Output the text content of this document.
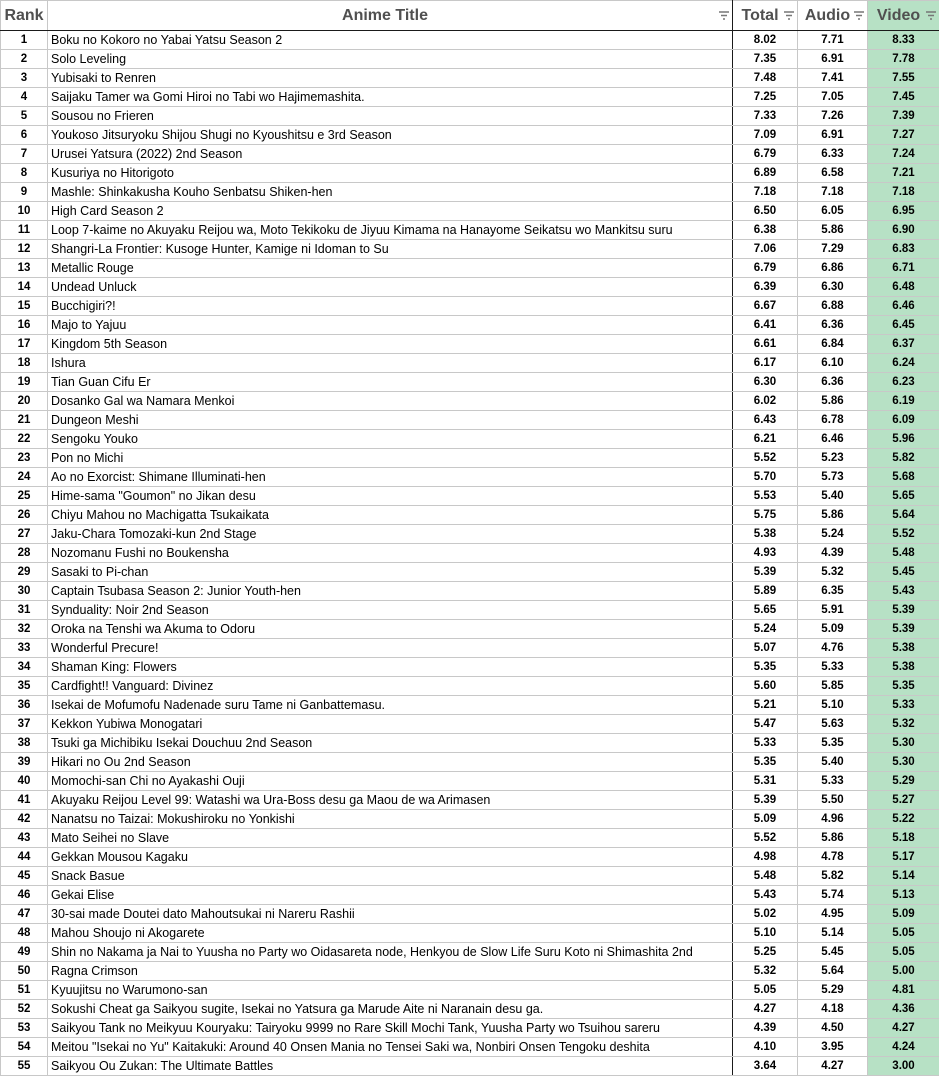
Rank	Anime Title	Total	Audio	Video

1	Boku no Kokoro no Yabai Yatsu Season 2	8.02	7.71	8.33
2	Solo Leveling	7.35	6.91	7.78
3	Yubisaki to Renren	7.48	7.41	7.55
4	Saijaku Tamer wa Gomi Hiroi no Tabi wo Hajimemashita.	7.25	7.05	7.45
5	Sousou no Frieren	7.33	7.26	7.39
6	Youkoso Jitsuryoku Shijou Shugi no Kyoushitsu e 3rd Season	7.09	6.91	7.27
7	Urusei Yatsura (2022) 2nd Season	6.79	6.33	7.24
8	Kusuriya no Hitorigoto	6.89	6.58	7.21
9	Mashle: Shinkakusha Kouho Senbatsu Shiken-hen	7.18	7.18	7.18
10	High Card Season 2	6.50	6.05	6.95
11	Loop 7-kaime no Akuyaku Reijou wa, Moto Tekikoku de Jiyuu Kimama na Hanayome Seikatsu wo Mankitsu suru	6.38	5.86	6.90
12	Shangri-La Frontier: Kusoge Hunter, Kamige ni Idoman to Su	7.06	7.29	6.83
13	Metallic Rouge	6.79	6.86	6.71
14	Undead Unluck	6.39	6.30	6.48
15	Bucchigiri?!	6.67	6.88	6.46
16	Majo to Yajuu	6.41	6.36	6.45
17	Kingdom 5th Season	6.61	6.84	6.37
18	Ishura	6.17	6.10	6.24
19	Tian Guan Cifu Er	6.30	6.36	6.23
20	Dosanko Gal wa Namara Menkoi	6.02	5.86	6.19
21	Dungeon Meshi	6.43	6.78	6.09
22	Sengoku Youko	6.21	6.46	5.96
23	Pon no Michi	5.52	5.23	5.82
24	Ao no Exorcist: Shimane Illuminati-hen	5.70	5.73	5.68
25	Hime-sama "Goumon" no Jikan desu	5.53	5.40	5.65
26	Chiyu Mahou no Machigatta Tsukaikata	5.75	5.86	5.64
27	Jaku-Chara Tomozaki-kun 2nd Stage	5.38	5.24	5.52
28	Nozomanu Fushi no Boukensha	4.93	4.39	5.48
29	Sasaki to Pi-chan	5.39	5.32	5.45
30	Captain Tsubasa Season 2: Junior Youth-hen	5.89	6.35	5.43
31	Synduality: Noir 2nd Season	5.65	5.91	5.39
32	Oroka na Tenshi wa Akuma to Odoru	5.24	5.09	5.39
33	Wonderful Precure!	5.07	4.76	5.38
34	Shaman King: Flowers	5.35	5.33	5.38
35	Cardfight!! Vanguard: Divinez	5.60	5.85	5.35
36	Isekai de Mofumofu Nadenade suru Tame ni Ganbattemasu.	5.21	5.10	5.33
37	Kekkon Yubiwa Monogatari	5.47	5.63	5.32
38	Tsuki ga Michibiku Isekai Douchuu 2nd Season	5.33	5.35	5.30
39	Hikari no Ou 2nd Season	5.35	5.40	5.30
40	Momochi-san Chi no Ayakashi Ouji	5.31	5.33	5.29
41	Akuyaku Reijou Level 99: Watashi wa Ura-Boss desu ga Maou de wa Arimasen	5.39	5.50	5.27
42	Nanatsu no Taizai: Mokushiroku no Yonkishi	5.09	4.96	5.22
43	Mato Seihei no Slave	5.52	5.86	5.18
44	Gekkan Mousou Kagaku	4.98	4.78	5.17
45	Snack Basue	5.48	5.82	5.14
46	Gekai Elise	5.43	5.74	5.13
47	30-sai made Doutei dato Mahoutsukai ni Nareru Rashii	5.02	4.95	5.09
48	Mahou Shoujo ni Akogarete	5.10	5.14	5.05
49	Shin no Nakama ja Nai to Yuusha no Party wo Oidasareta node, Henkyou de Slow Life Suru Koto ni Shimashita 2nd	5.25	5.45	5.05
50	Ragna Crimson	5.32	5.64	5.00
51	Kyuujitsu no Warumono-san	5.05	5.29	4.81
52	Sokushi Cheat ga Saikyou sugite, Isekai no Yatsura ga Marude Aite ni Naranain desu ga.	4.27	4.18	4.36
53	Saikyou Tank no Meikyuu Kouryaku: Tairyoku 9999 no Rare Skill Mochi Tank, Yuusha Party wo Tsuihou sareru	4.39	4.50	4.27
54	Meitou "Isekai no Yu" Kaitakuki: Around 40 Onsen Mania no Tensei Saki wa, Nonbiri Onsen Tengoku deshita	4.10	3.95	4.24
55	Saikyou Ou Zukan: The Ultimate Battles	3.64	4.27	3.00
